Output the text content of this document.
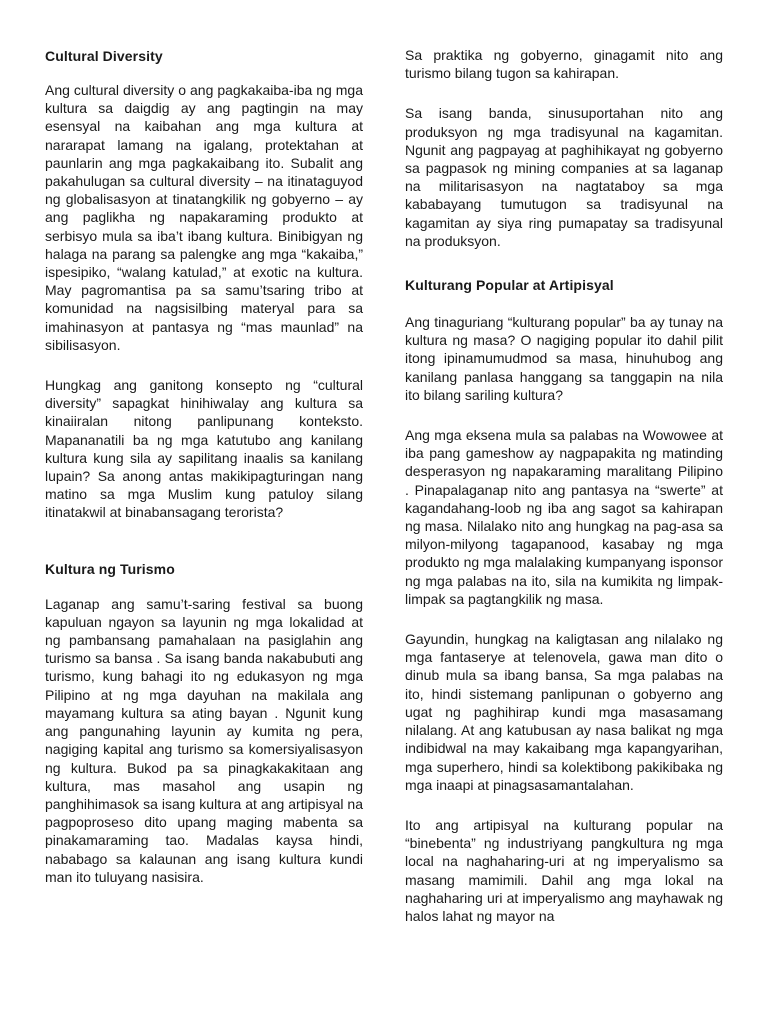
Cultural Diversity

Ang cultural diversity o ang pagkakaiba-iba ng mga kultura sa daigdig ay ang pagtingin na may esensyal na kaibahan ang mga kultura at nararapat lamang na igalang, protektahan at paunlarin ang mga pagkakaibang ito. Subalit ang pakahulugan sa cultural diversity – na itinataguyod ng globalisasyon at tinatangkilik ng gobyerno – ay ang paglikha ng napakaraming produkto at serbisyo mula sa iba’t ibang kultura. Binibigyan ng halaga na parang sa palengke ang mga “kakaiba,” ispesipiko, “walang katulad,” at exotic na kultura. May pagromantisa pa sa samu’tsaring tribo at komunidad na nagsisilbing materyal para sa imahinasyon at pantasya ng “mas maunlad” na sibilisasyon.

Hungkag ang ganitong konsepto ng “cultural diversity” sapagkat hinihiwalay ang kultura sa kinaiiralan nitong panlipunang konteksto. Mapananatili ba ng mga katutubo ang kanilang kultura kung sila ay sapilitang inaalis sa kanilang lupain? Sa anong antas makikipagturingan nang matino sa mga Muslim kung patuloy silang itinatakwil at binabansagang terorista?

Kultura ng Turismo

Laganap ang samu’t-saring festival sa buong kapuluan ngayon sa layunin ng mga lokalidad at ng pambansang pamahalaan na pasiglahin ang turismo sa bansa . Sa isang banda nakabubuti ang turismo, kung bahagi ito ng edukasyon ng mga Pilipino at ng mga dayuhan na makilala ang mayamang kultura sa ating bayan . Ngunit kung ang pangunahing layunin ay kumita ng pera, nagiging kapital ang turismo sa komersiyalisasyon ng kultura. Bukod pa sa pinagkakakitaan ang kultura, mas masahol ang usapin ng panghihimasok sa isang kultura at ang artipisyal na pagpoproseso dito upang maging mabenta sa pinakamaraming tao. Madalas kaysa hindi, nababago sa kalaunan ang isang kultura kundi man ito tuluyang nasisira.

Sa praktika ng gobyerno, ginagamit nito ang turismo bilang tugon sa kahirapan.

Sa isang banda, sinusuportahan nito ang produksyon ng mga tradisyunal na kagamitan. Ngunit ang pagpayag at paghihikayat ng gobyerno sa pagpasok ng mining companies at sa laganap na militarisasyon na nagtataboy sa mga kababayang tumutugon sa tradisyunal na kagamitan ay siya ring pumapatay sa tradisyunal na produksyon.

Kulturang Popular at Artipisyal

Ang tinaguriang “kulturang popular” ba ay tunay na kultura ng masa? O nagiging popular ito dahil pilit itong ipinamumudmod sa masa, hinuhubog ang kanilang panlasa hanggang sa tanggapin na nila ito bilang sariling kultura?

Ang mga eksena mula sa palabas na Wowowee at iba pang gameshow ay nagpapakita ng matinding desperasyon ng napakaraming maralitang Pilipino . Pinapalaganap nito ang pantasya na “swerte” at kagandahang-loob ng iba ang sagot sa kahirapan ng masa. Nilalako nito ang hungkag na pag-asa sa milyon-milyong tagapanood, kasabay ng mga produkto ng mga malalaking kumpanyang isponsor ng mga palabas na ito, sila na kumikita ng limpak-limpak sa pagtangkilik ng masa.

Gayundin, hungkag na kaligtasan ang nilalako ng mga fantaserye at telenovela, gawa man dito o dinub mula sa ibang bansa, Sa mga palabas na ito, hindi sistemang panlipunan o gobyerno ang ugat ng paghihirap kundi mga masasamang nilalang. At ang katubusan ay nasa balikat ng mga indibidwal na may kakaibang mga kapangyarihan, mga superhero, hindi sa kolektibong pakikibaka ng mga inaapi at pinagsasamantalahan.

Ito ang artipisyal na kulturang popular na “binebenta” ng industriyang pangkultura ng mga local na naghaharing-uri at ng imperyalismo sa masang mamimili. Dahil ang mga lokal na naghaharing uri at imperyalismo ang mayhawak ng halos lahat ng mayor na
